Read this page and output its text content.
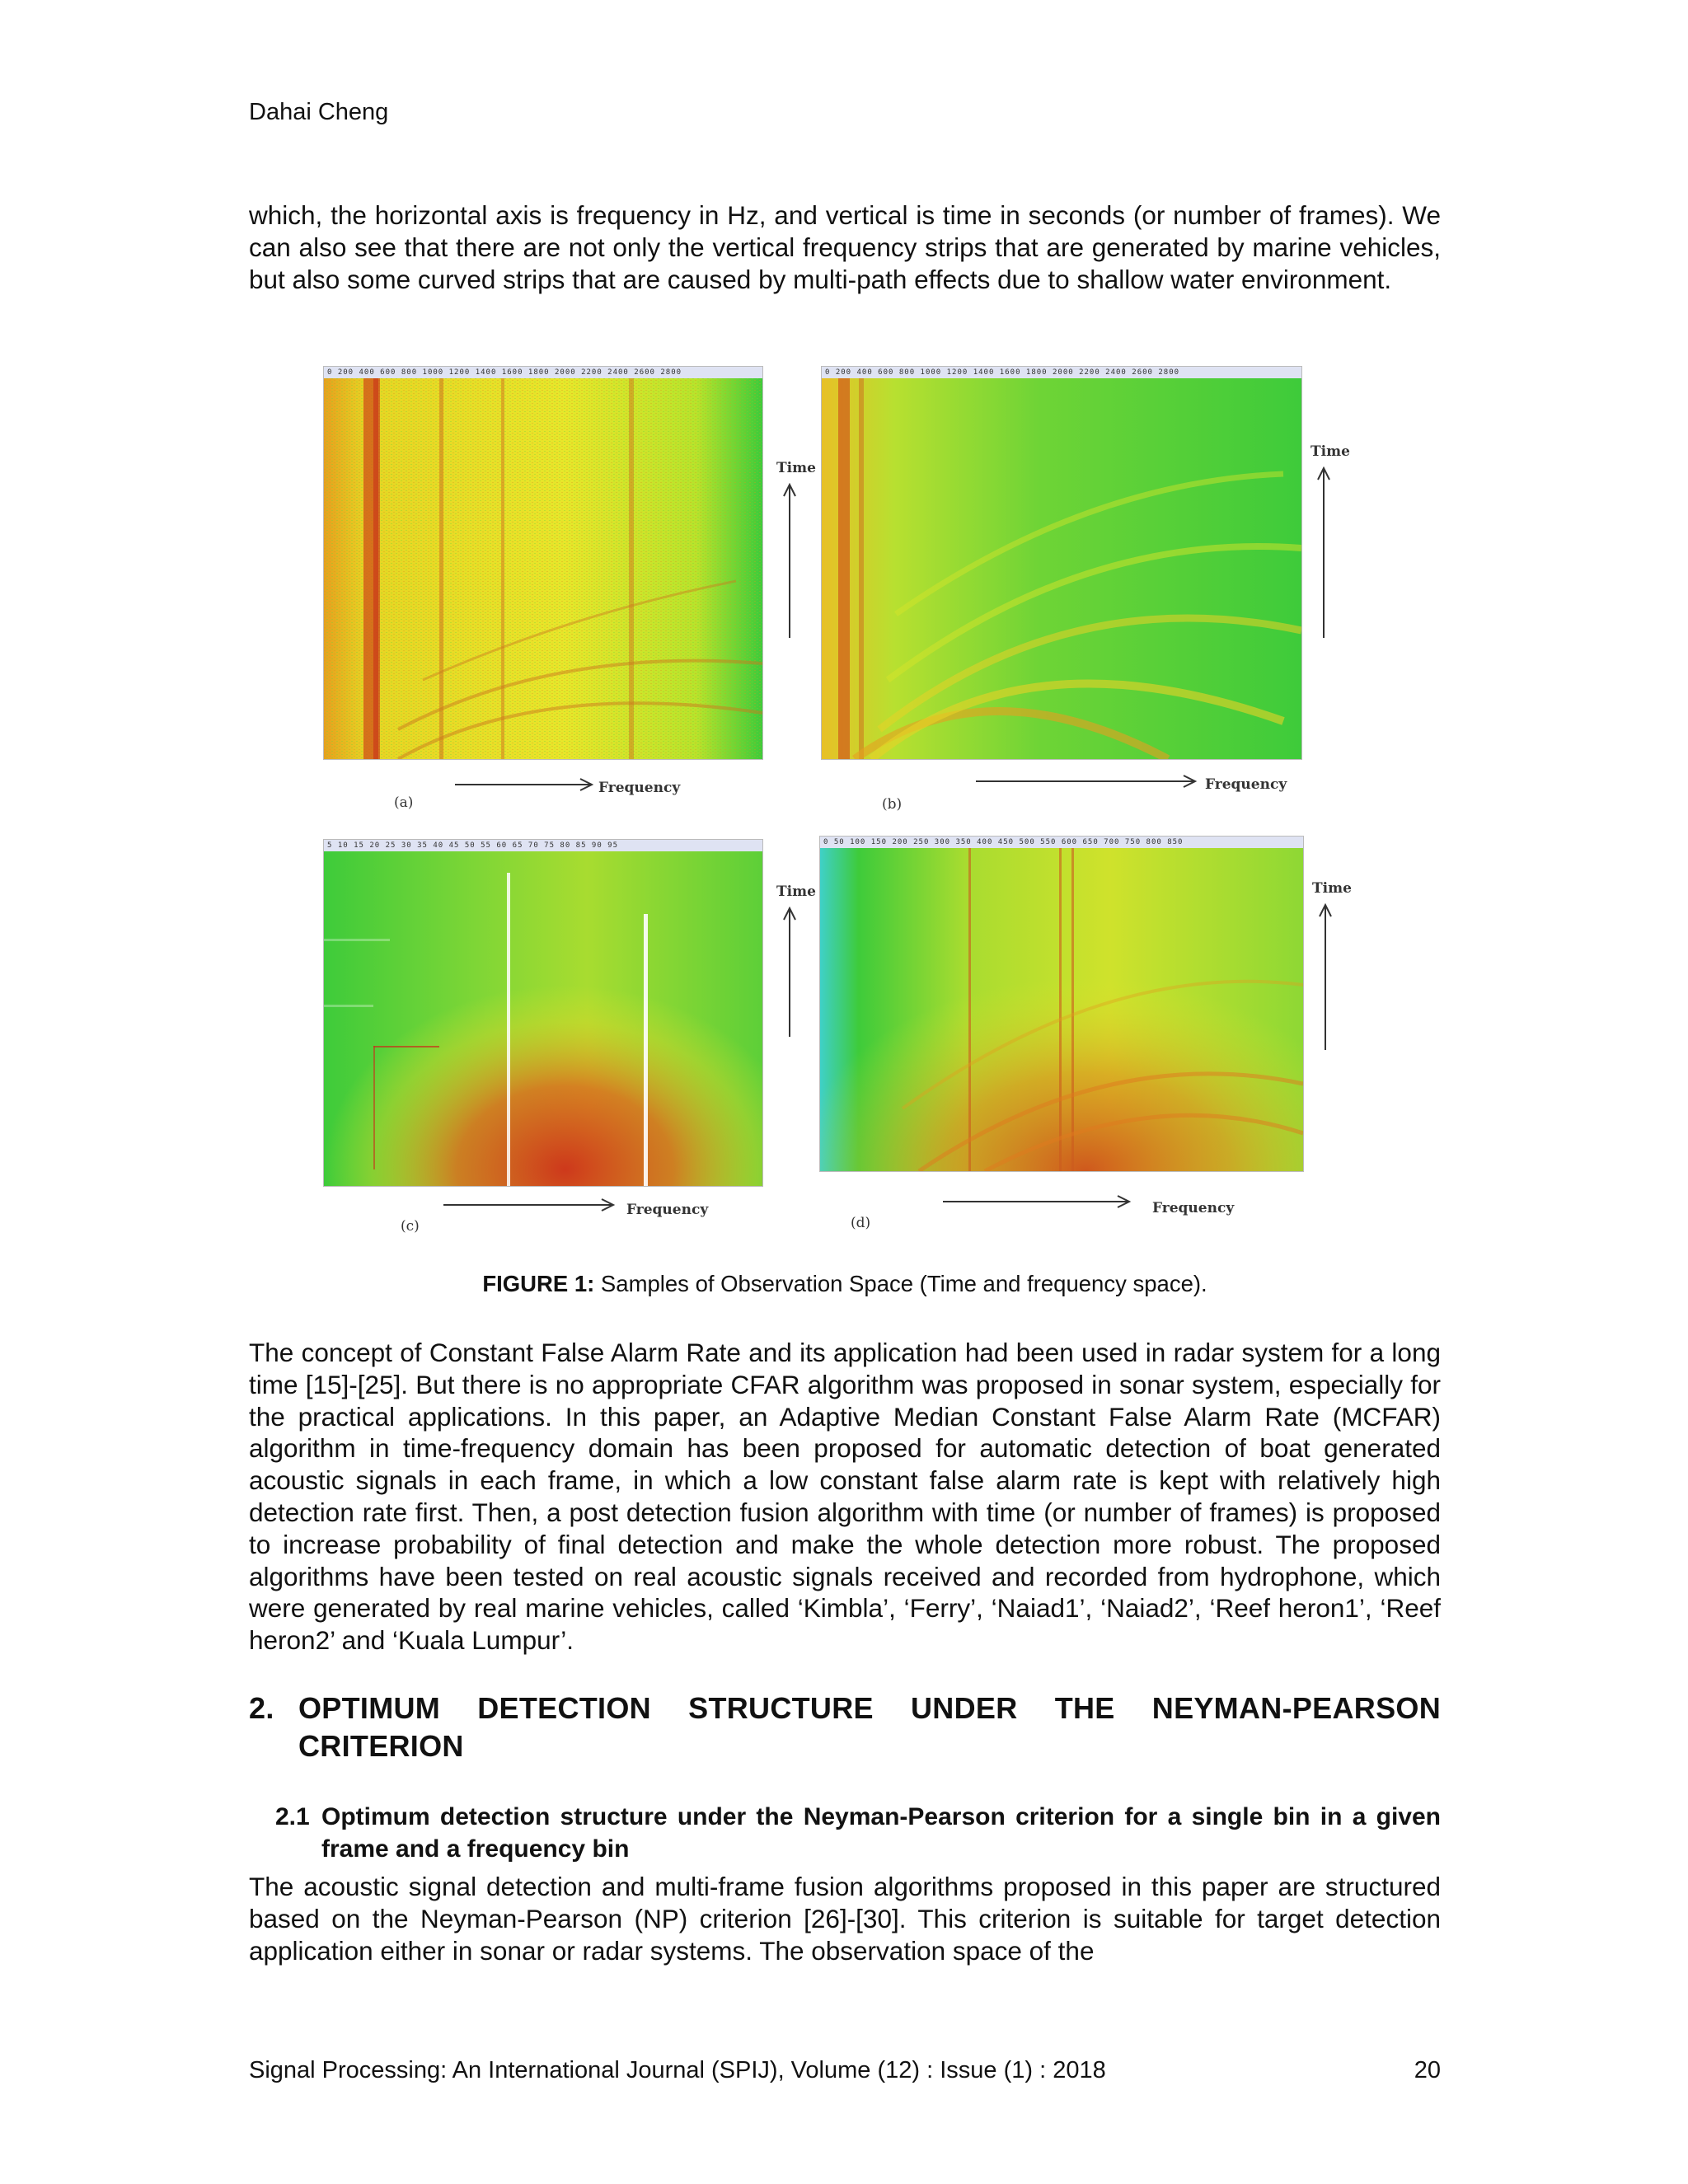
Dahai Cheng

which, the horizontal axis is frequency in Hz, and vertical is time in seconds (or number of frames). We can also see that there are not only the vertical frequency strips that are generated by marine vehicles, but also some curved strips that are caused by multi-path effects due to shallow water environment.

0 200 400 600 800 1000 1200 1400 1600 1800 2000 2200 2400 2600 2800
Time
Frequency
(a)
0 200 400 600 800 1000 1200 1400 1600 1800 2000 2200 2400 2600 2800
Time
Frequency
(b)
5 10 15 20 25 30 35 40 45 50 55 60 65 70 75 80 85 90 95
Time
Frequency
(c)
0 50 100 150 200 250 300 350 400 450 500 550 600 650 700 750 800 850
Time
Frequency
(d)
FIGURE 1: Samples of Observation Space (Time and frequency space).

The concept of Constant False Alarm Rate and its application had been used in radar system for a long time [15]-[25]. But there is no appropriate CFAR algorithm was proposed in sonar system, especially for the practical applications. In this paper, an Adaptive Median Constant False Alarm Rate (MCFAR) algorithm in time-frequency domain has been proposed for automatic detection of boat generated acoustic signals in each frame, in which a low constant false alarm rate is kept with relatively high detection rate first. Then, a post detection fusion algorithm with time (or number of frames) is proposed to increase probability of final detection and make the whole detection more robust. The proposed algorithms have been tested on real acoustic signals received and recorded from hydrophone, which were generated by real marine vehicles, called ‘Kimbla’, ‘Ferry’, ‘Naiad1’, ‘Naiad2’, ‘Reef heron1’, ‘Reef heron2’ and ‘Kuala Lumpur’.

2. OPTIMUM DETECTION STRUCTURE UNDER THE NEYMAN-PEARSON CRITERION
2.1 Optimum detection structure under the Neyman-Pearson criterion for a single bin in a given frame and a frequency bin

The acoustic signal detection and multi-frame fusion algorithms proposed in this paper are structured based on the Neyman-Pearson (NP) criterion [26]-[30]. This criterion is suitable for target detection application either in sonar or radar systems. The observation space of the

Signal Processing: An International Journal (SPIJ), Volume (12) : Issue (1) : 2018	20
